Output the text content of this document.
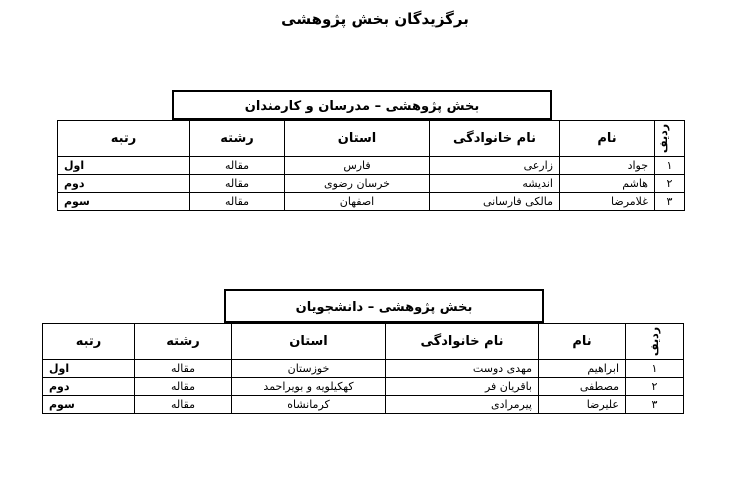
برگزیدگان بخش پژوهشی
بخش پژوهشی – مدرسان و کارمندان
ردیف	نام	نام خانوادگی	استان	رشته	رتبه
۱	جواد	زارعی	فارس	مقاله	اول
۲	هاشم	اندیشه	خرسان رضوی	مقاله	دوم
۳	غلامرضا	مالکی فارسانی	اصفهان	مقاله	سوم
بخش پژوهشی – دانشجویان
ردیف	نام	نام خانوادگی	استان	رشته	رتبه
۱	ابراهیم	مهدی دوست	خوزستان	مقاله	اول
۲	مصطفی	باقریان فر	کهکیلویه و بویراحمد	مقاله	دوم
۳	علیرضا	پیرمرادی	کرمانشاه	مقاله	سوم
